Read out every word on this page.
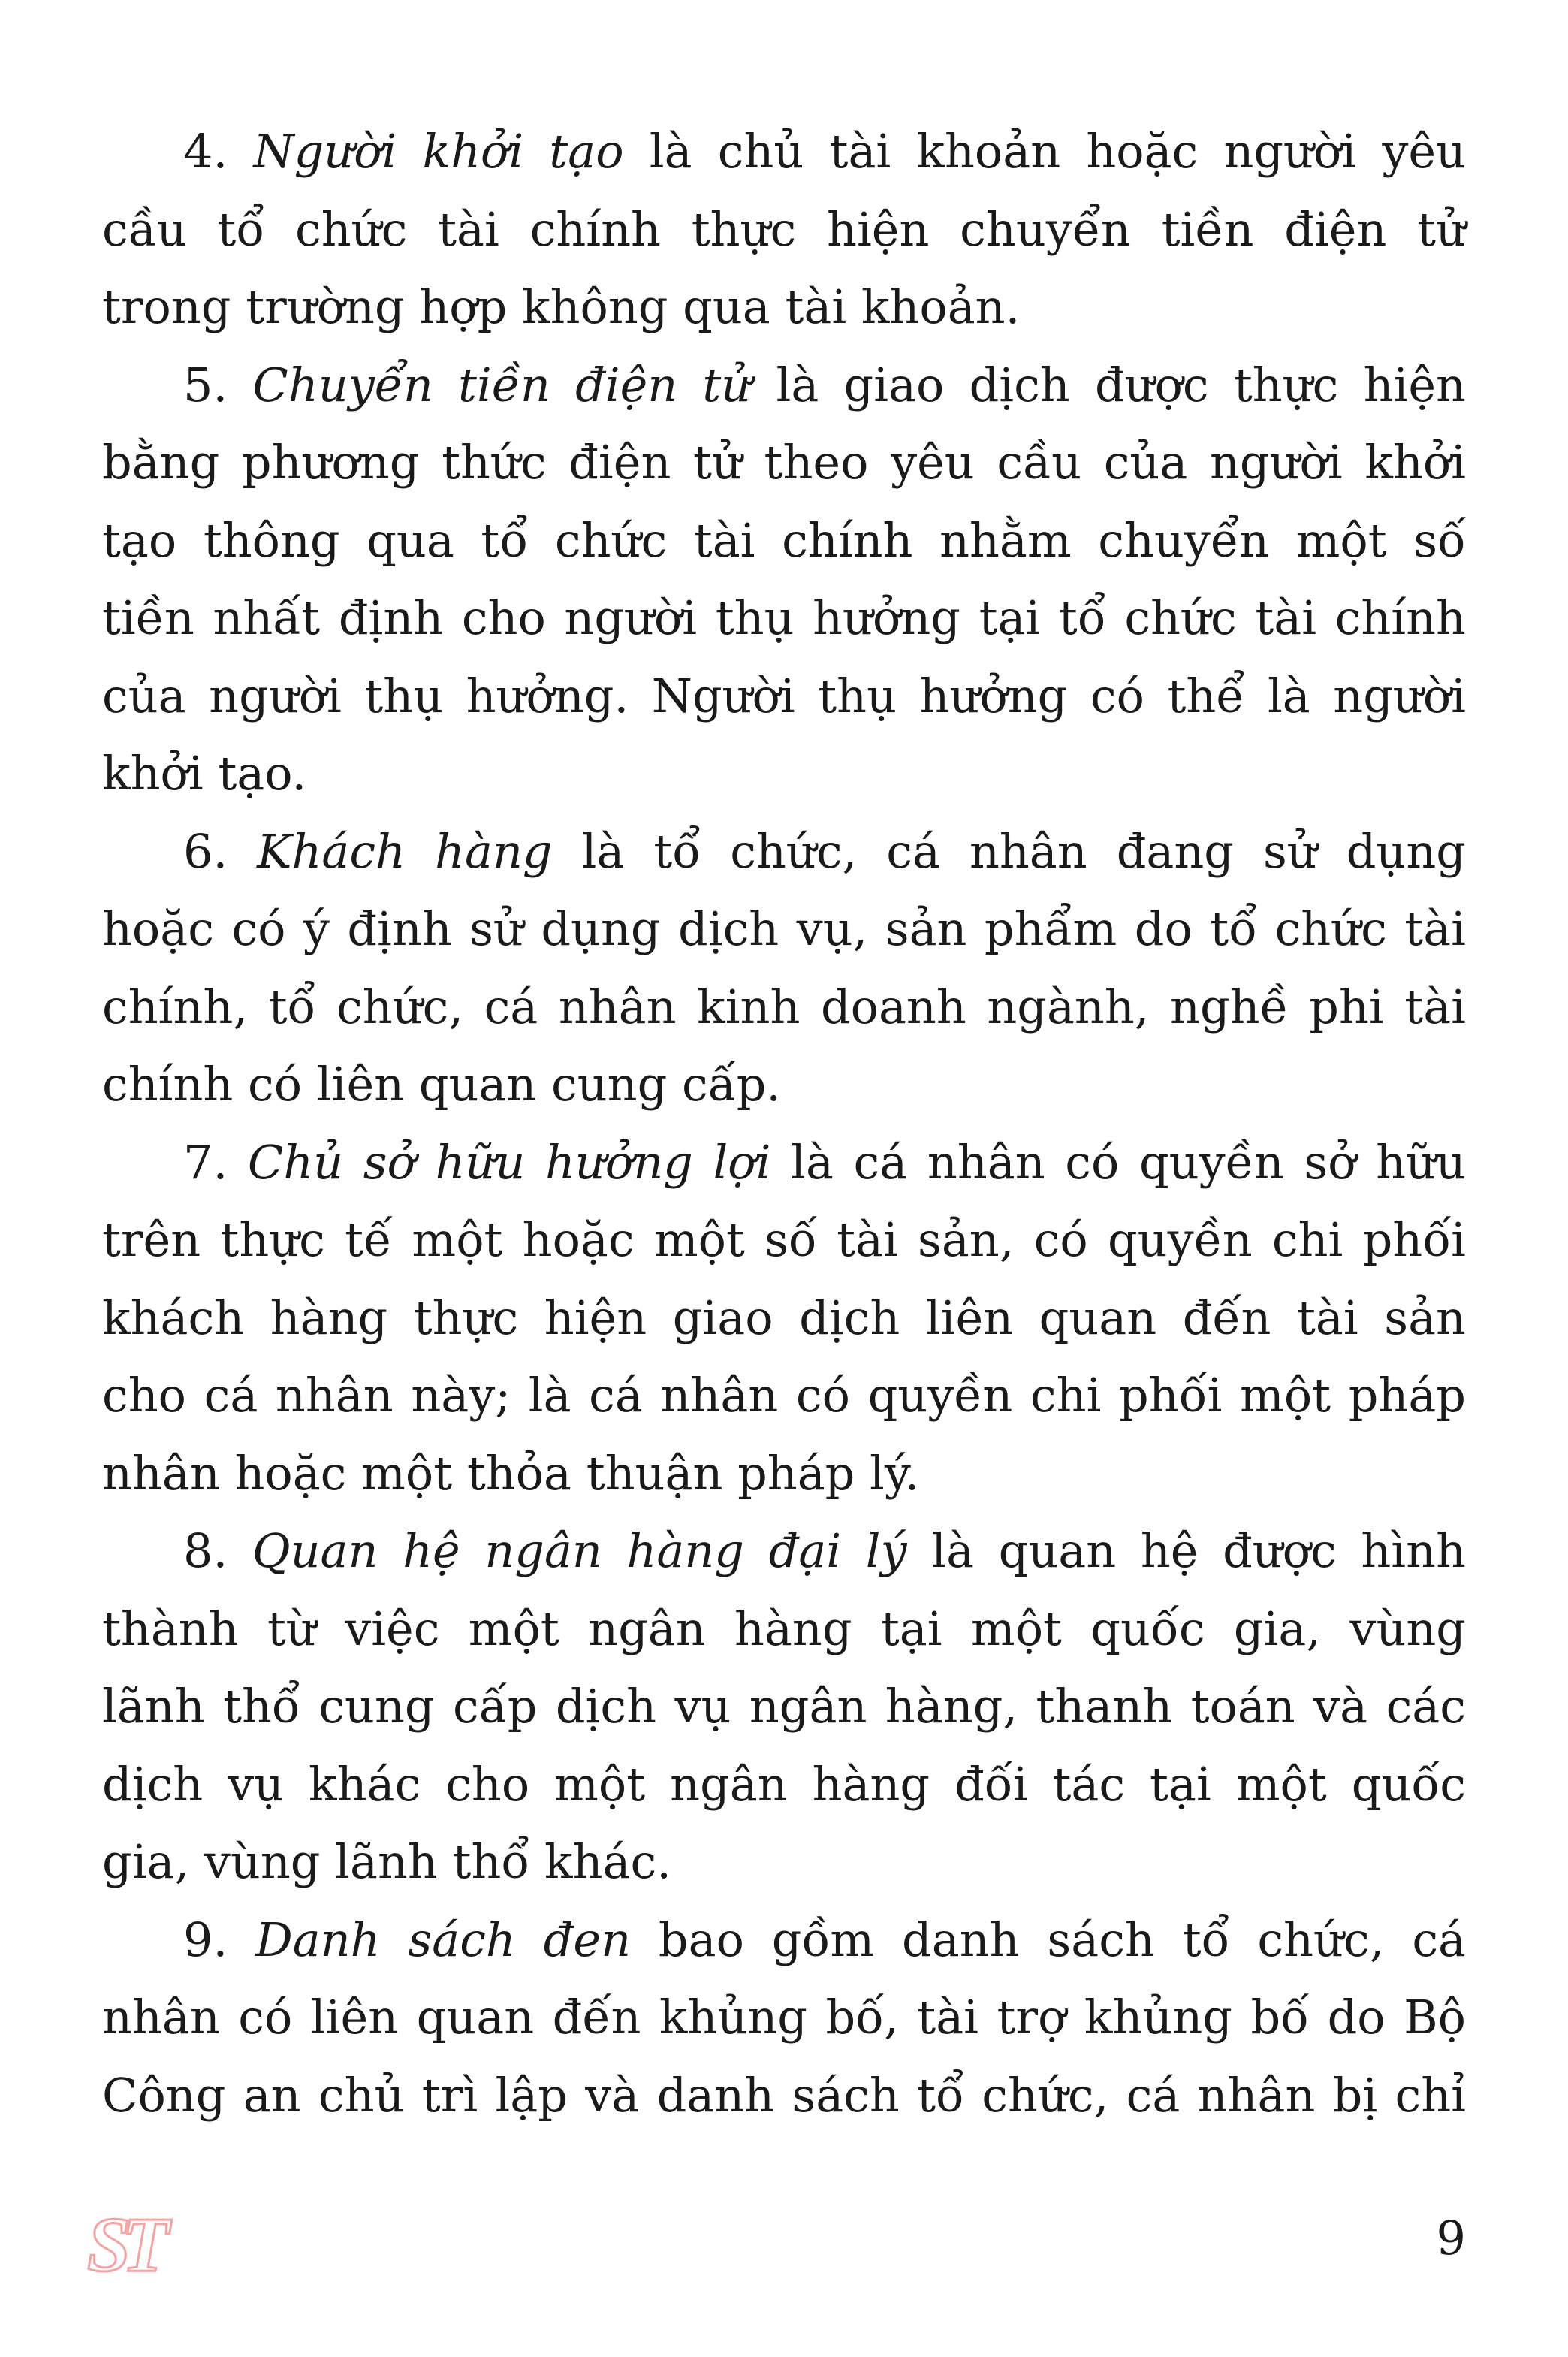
4. Người khởi tạo là chủ tài khoản hoặc người yêu
cầu tổ chức tài chính thực hiện chuyển tiền điện tử
trong trường hợp không qua tài khoản.
5. Chuyển tiền điện tử là giao dịch được thực hiện
bằng phương thức điện tử theo yêu cầu của người khởi
tạo thông qua tổ chức tài chính nhằm chuyển một số
tiền nhất định cho người thụ hưởng tại tổ chức tài chính
của người thụ hưởng. Người thụ hưởng có thể là người
khởi tạo.
6. Khách hàng là tổ chức, cá nhân đang sử dụng
hoặc có ý định sử dụng dịch vụ, sản phẩm do tổ chức tài
chính, tổ chức, cá nhân kinh doanh ngành, nghề phi tài
chính có liên quan cung cấp.
7. Chủ sở hữu hưởng lợi là cá nhân có quyền sở hữu
trên thực tế một hoặc một số tài sản, có quyền chi phối
khách hàng thực hiện giao dịch liên quan đến tài sản
cho cá nhân này; là cá nhân có quyền chi phối một pháp
nhân hoặc một thỏa thuận pháp lý.
8. Quan hệ ngân hàng đại lý là quan hệ được hình
thành từ việc một ngân hàng tại một quốc gia, vùng
lãnh thổ cung cấp dịch vụ ngân hàng, thanh toán và các
dịch vụ khác cho một ngân hàng đối tác tại một quốc
gia, vùng lãnh thổ khác.
9. Danh sách đen bao gồm danh sách tổ chức, cá
nhân có liên quan đến khủng bố, tài trợ khủng bố do Bộ
Công an chủ trì lập và danh sách tổ chức, cá nhân bị chỉ
S
T	9
